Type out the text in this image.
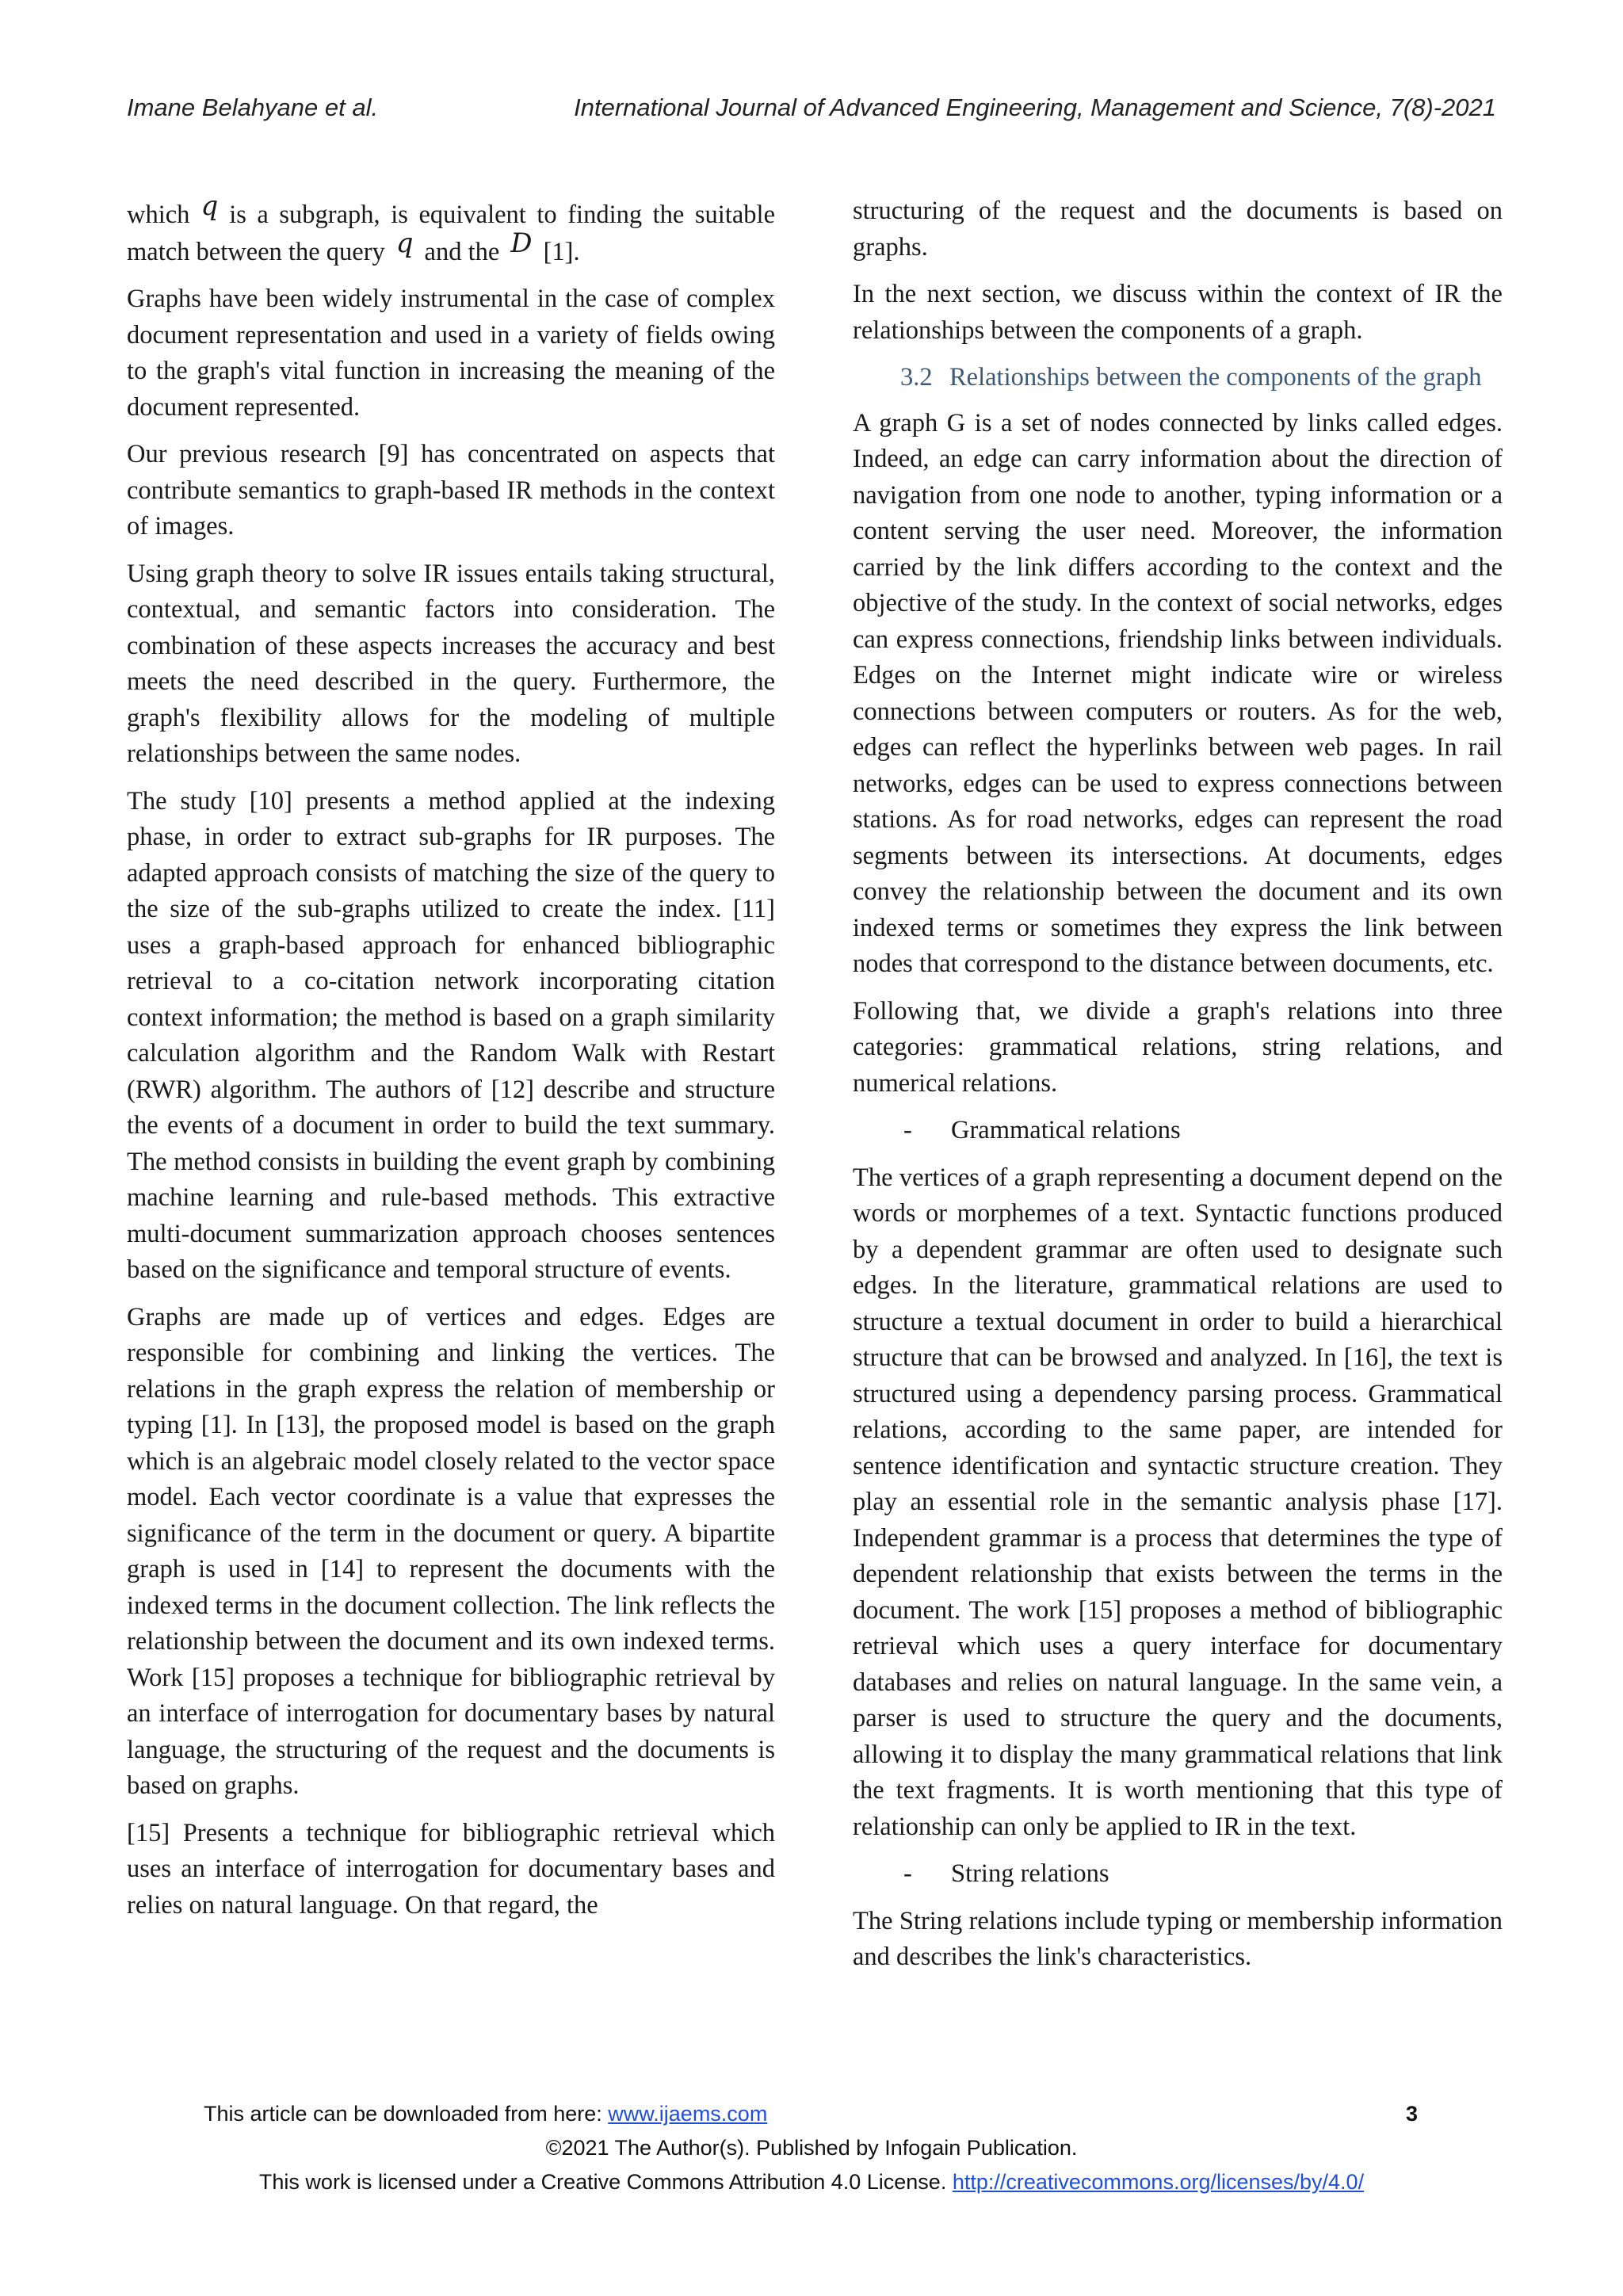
Imane Belahyane et al.	International Journal of Advanced Engineering, Management and Science, 7(8)-2021

which q is a subgraph, is equivalent to finding the suitable match between the query q and the D [1].

Graphs have been widely instrumental in the case of complex document representation and used in a variety of fields owing to the graph's vital function in increasing the meaning of the document represented.

Our previous research [9] has concentrated on aspects that contribute semantics to graph-based IR methods in the context of images.

Using graph theory to solve IR issues entails taking structural, contextual, and semantic factors into consideration. The combination of these aspects increases the accuracy and best meets the need described in the query. Furthermore, the graph's flexibility allows for the modeling of multiple relationships between the same nodes.

The study [10] presents a method applied at the indexing phase, in order to extract sub-graphs for IR purposes. The adapted approach consists of matching the size of the query to the size of the sub-graphs utilized to create the index. [11] uses a graph-based approach for enhanced bibliographic retrieval to a co-citation network incorporating citation context information; the method is based on a graph similarity calculation algorithm and the Random Walk with Restart (RWR) algorithm. The authors of [12] describe and structure the events of a document in order to build the text summary. The method consists in building the event graph by combining machine learning and rule-based methods. This extractive multi-document summarization approach chooses sentences based on the significance and temporal structure of events.

Graphs are made up of vertices and edges. Edges are responsible for combining and linking the vertices. The relations in the graph express the relation of membership or typing [1]. In [13], the proposed model is based on the graph which is an algebraic model closely related to the vector space model. Each vector coordinate is a value that expresses the significance of the term in the document or query. A bipartite graph is used in [14] to represent the documents with the indexed terms in the document collection. The link reflects the relationship between the document and its own indexed terms. Work [15] proposes a technique for bibliographic retrieval by an interface of interrogation for documentary bases by natural language, the structuring of the request and the documents is based on graphs.

[15] Presents a technique for bibliographic retrieval which uses an interface of interrogation for documentary bases and relies on natural language. On that regard, the

structuring of the request and the documents is based on graphs.

In the next section, we discuss within the context of IR the relationships between the components of a graph.

3.2 Relationships between the components of the graph

A graph G is a set of nodes connected by links called edges. Indeed, an edge can carry information about the direction of navigation from one node to another, typing information or a content serving the user need. Moreover, the information carried by the link differs according to the context and the objective of the study. In the context of social networks, edges can express connections, friendship links between individuals. Edges on the Internet might indicate wire or wireless connections between computers or routers. As for the web, edges can reflect the hyperlinks between web pages. In rail networks, edges can be used to express connections between stations. As for road networks, edges can represent the road segments between its intersections. At documents, edges convey the relationship between the document and its own indexed terms or sometimes they express the link between nodes that correspond to the distance between documents, etc.

Following that, we divide a graph's relations into three categories: grammatical relations, string relations, and numerical relations.

-	Grammatical relations

The vertices of a graph representing a document depend on the words or morphemes of a text. Syntactic functions produced by a dependent grammar are often used to designate such edges. In the literature, grammatical relations are used to structure a textual document in order to build a hierarchical structure that can be browsed and analyzed. In [16], the text is structured using a dependency parsing process. Grammatical relations, according to the same paper, are intended for sentence identification and syntactic structure creation. They play an essential role in the semantic analysis phase [17]. Independent grammar is a process that determines the type of dependent relationship that exists between the terms in the document. The work [15] proposes a method of bibliographic retrieval which uses a query interface for documentary databases and relies on natural language. In the same vein, a parser is used to structure the query and the documents, allowing it to display the many grammatical relations that link the text fragments. It is worth mentioning that this type of relationship can only be applied to IR in the text.

-	String relations

The String relations include typing or membership information and describes the link's characteristics.

This article can be downloaded from here: www.ijaems.com	3
©2021 The Author(s). Published by Infogain Publication.
This work is licensed under a Creative Commons Attribution 4.0 License. http://creativecommons.org/licenses/by/4.0/
